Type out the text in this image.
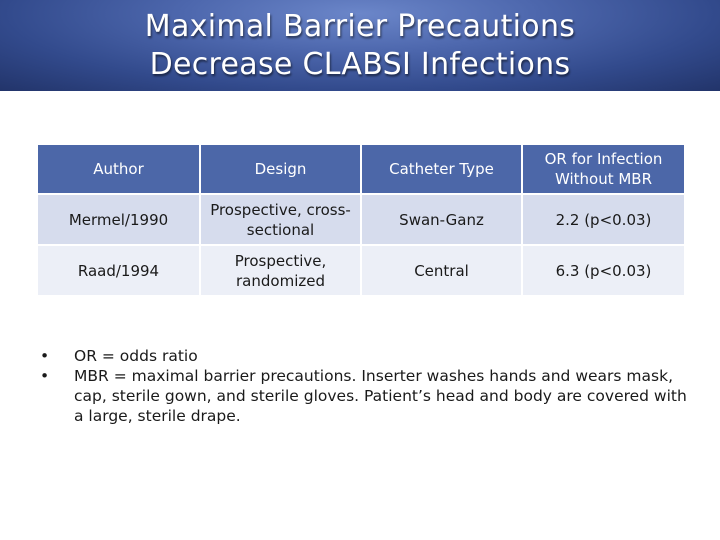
Maximal Barrier Precautions
Decrease CLABSI Infections
Author	Design	Catheter Type	OR for Infection Without MBR
Mermel/1990	Prospective, cross-sectional	Swan-Ganz	2.2 (p<0.03)
Raad/1994	Prospective, randomized	Central	6.3 (p<0.03)
•	OR = odds ratio
•	MBR = maximal barrier precautions. Inserter washes hands and wears mask, cap, sterile gown, and sterile gloves. Patient’s head and body are covered with a large, sterile drape.
